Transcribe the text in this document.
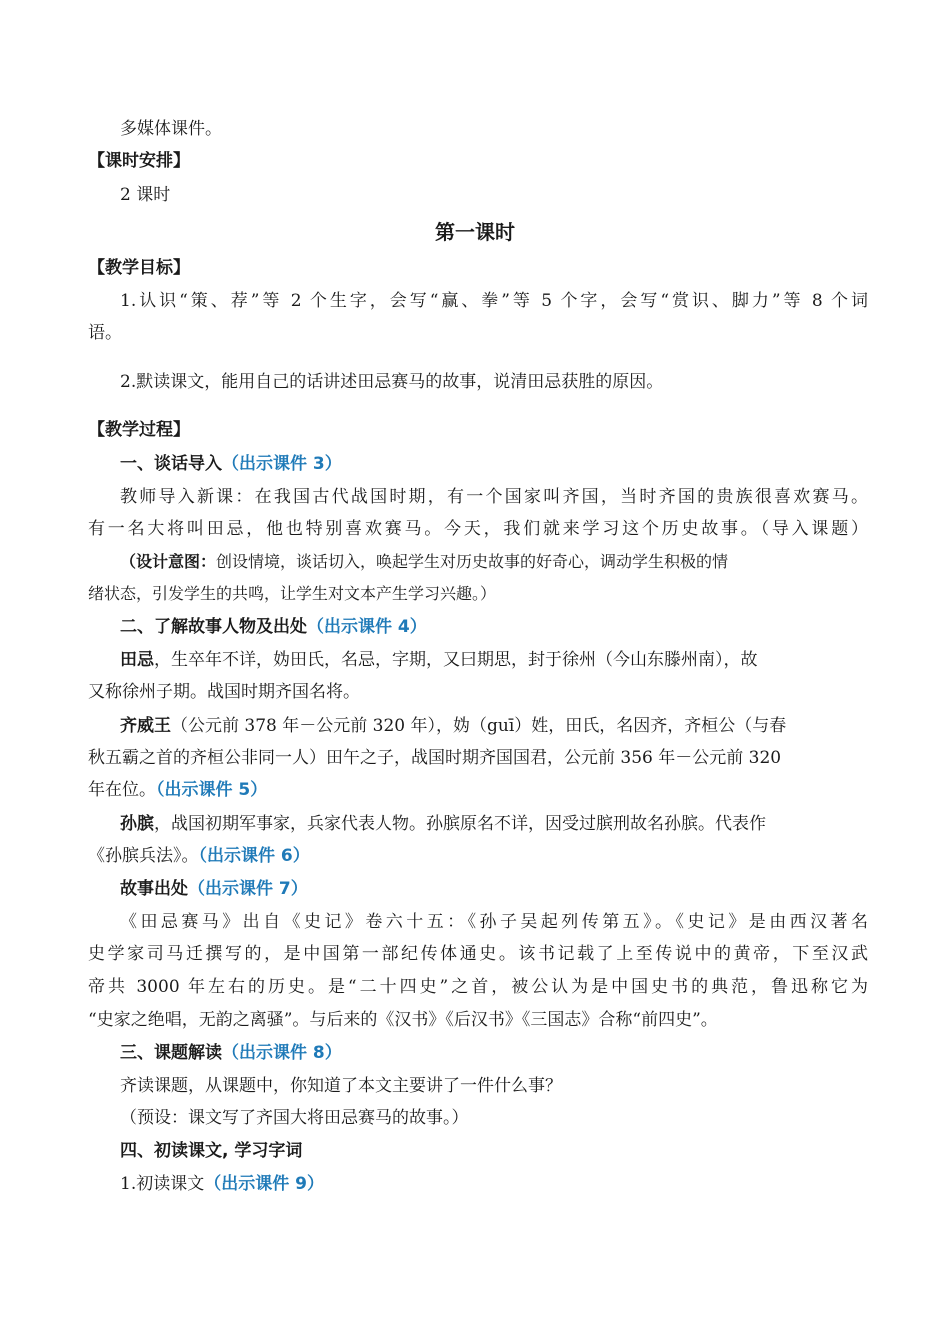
多媒体课件。
【课时安排】
2 课时
第一课时
【教学目标】
1.认识“策、荐”等 2 个生字，会写“赢、拳”等 5 个字，会写“赏识、脚力”等 8 个词
语。
2.默读课文，能用自己的话讲述田忌赛马的故事，说清田忌获胜的原因。
【教学过程】
一、谈话导入（出示课件 3）
教师导入新课：在我国古代战国时期，有一个国家叫齐国，当时齐国的贵族很喜欢赛马。
有一名大将叫田忌，他也特别喜欢赛马。今天，我们就来学习这个历史故事。（导入课题）
（设计意图：创设情境，谈话切入，唤起学生对历史故事的好奇心，调动学生积极的情
绪状态，引发学生的共鸣，让学生对文本产生学习兴趣。）
二、了解故事人物及出处（出示课件 4）
田忌，生卒年不详，妫田氏，名忌，字期，又曰期思，封于徐州（今山东滕州南），故
又称徐州子期。战国时期齐国名将。
齐威王（公元前 378 年－公元前 320 年），妫（guī）姓，田氏，名因齐，齐桓公（与春
秋五霸之首的齐桓公非同一人）田午之子，战国时期齐国国君，公元前 356 年－公元前 320
年在位。（出示课件 5）
孙膑，战国初期军事家，兵家代表人物。孙膑原名不详，因受过膑刑故名孙膑。代表作
《孙膑兵法》。（出示课件 6）
故事出处（出示课件 7）
《田忌赛马》出自《史记》卷六十五：《孙子吴起列传第五》。《史记》是由西汉著名
史学家司马迁撰写的，是中国第一部纪传体通史。该书记载了上至传说中的黄帝，下至汉武
帝共 3000 年左右的历史。是“二十四史”之首，被公认为是中国史书的典范，鲁迅称它为
“史家之绝唱，无韵之离骚”。与后来的《汉书》《后汉书》《三国志》合称“前四史”。
三、课题解读（出示课件 8）
齐读课题，从课题中，你知道了本文主要讲了一件什么事？
（预设：课文写了齐国大将田忌赛马的故事。）
四、初读课文, 学习字词
1.初读课文（出示课件 9）
